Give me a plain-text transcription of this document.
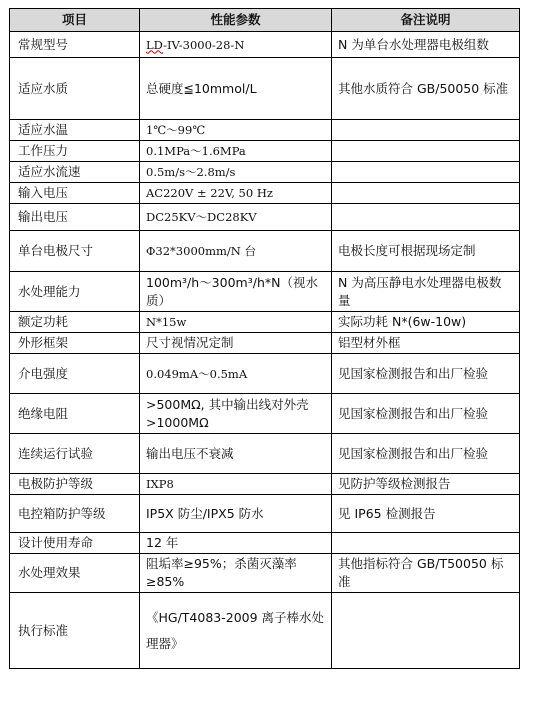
项目	性能参数	备注说明
常规型号	LD-IV-3000-28-N	N 为单台水处理器电极组数
适应水质	总硬度≦10mmol/L	其他水质符合 GB/50050 标准
适应水温	1℃～99℃	
工作压力	0.1MPa～1.6MPa	
适应水流速	0.5m/s～2.8m/s	
输入电压	AC220V ± 22V, 50 Hz	
输出电压	DC25KV～DC28KV	
单台电极尺寸	Φ32*3000mm/N 台	电极长度可根据现场定制
水处理能力	100m³/h～300m³/h*N（视水质）	N 为高压静电水处理器电极数量
额定功耗	N*15w	实际功耗 N*(6w-10w)
外形框架	尺寸视情况定制	铝型材外框
介电强度	0.049mA～0.5mA	见国家检测报告和出厂检验
绝缘电阻	>500MΩ, 其中输出线对外壳>1000MΩ	见国家检测报告和出厂检验
连续运行试验	输出电压不衰减	见国家检测报告和出厂检验
电极防护等级	IXP8	见防护等级检测报告
电控箱防护等级	IP5X 防尘/IPX5 防水	见 IP65 检测报告
设计使用寿命	12 年	
水处理效果	阻垢率≥95%；杀菌灭藻率≥85%	其他指标符合 GB/T50050 标准
执行标准	《HG/T4083-2009 离子棒水处理器》	
